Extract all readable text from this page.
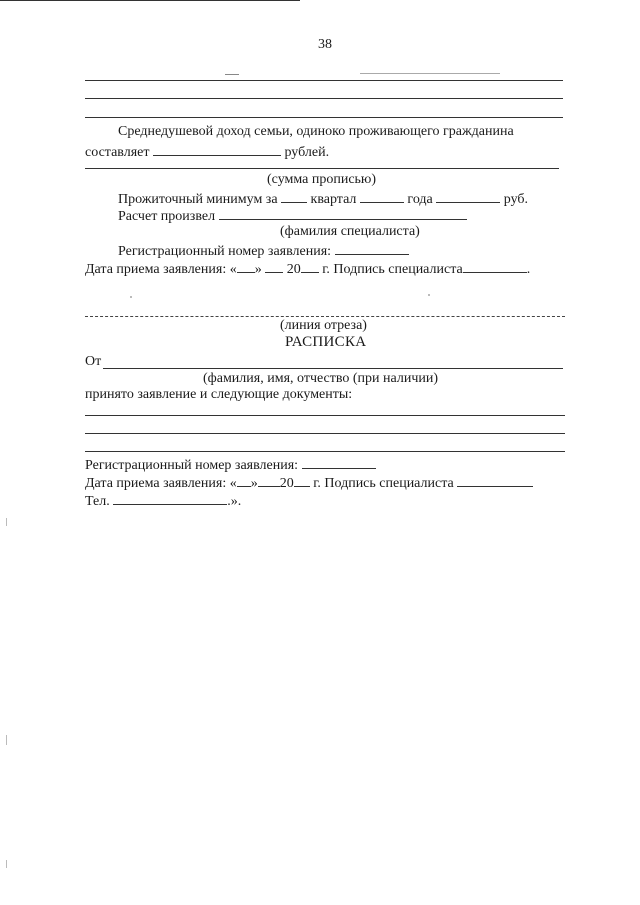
38
Среднедушевой доход семьи, одиноко проживающего гражданина
составляет	рублей.
(сумма прописью)
Прожиточный минимум за квартал	года	руб.
Расчет произвел
(фамилия специалиста)
Регистрационный номер заявления:
Дата приема заявления: « » 20 г. Подпись специалиста	.
(линия отреза)
РАСПИСКА
От
(фамилия, имя, отчество (при наличии)
принято заявление и следующие документы:
Регистрационный номер заявления:
Дата приема заявления: « » 20 г. Подпись специалиста
Тел.	.».
